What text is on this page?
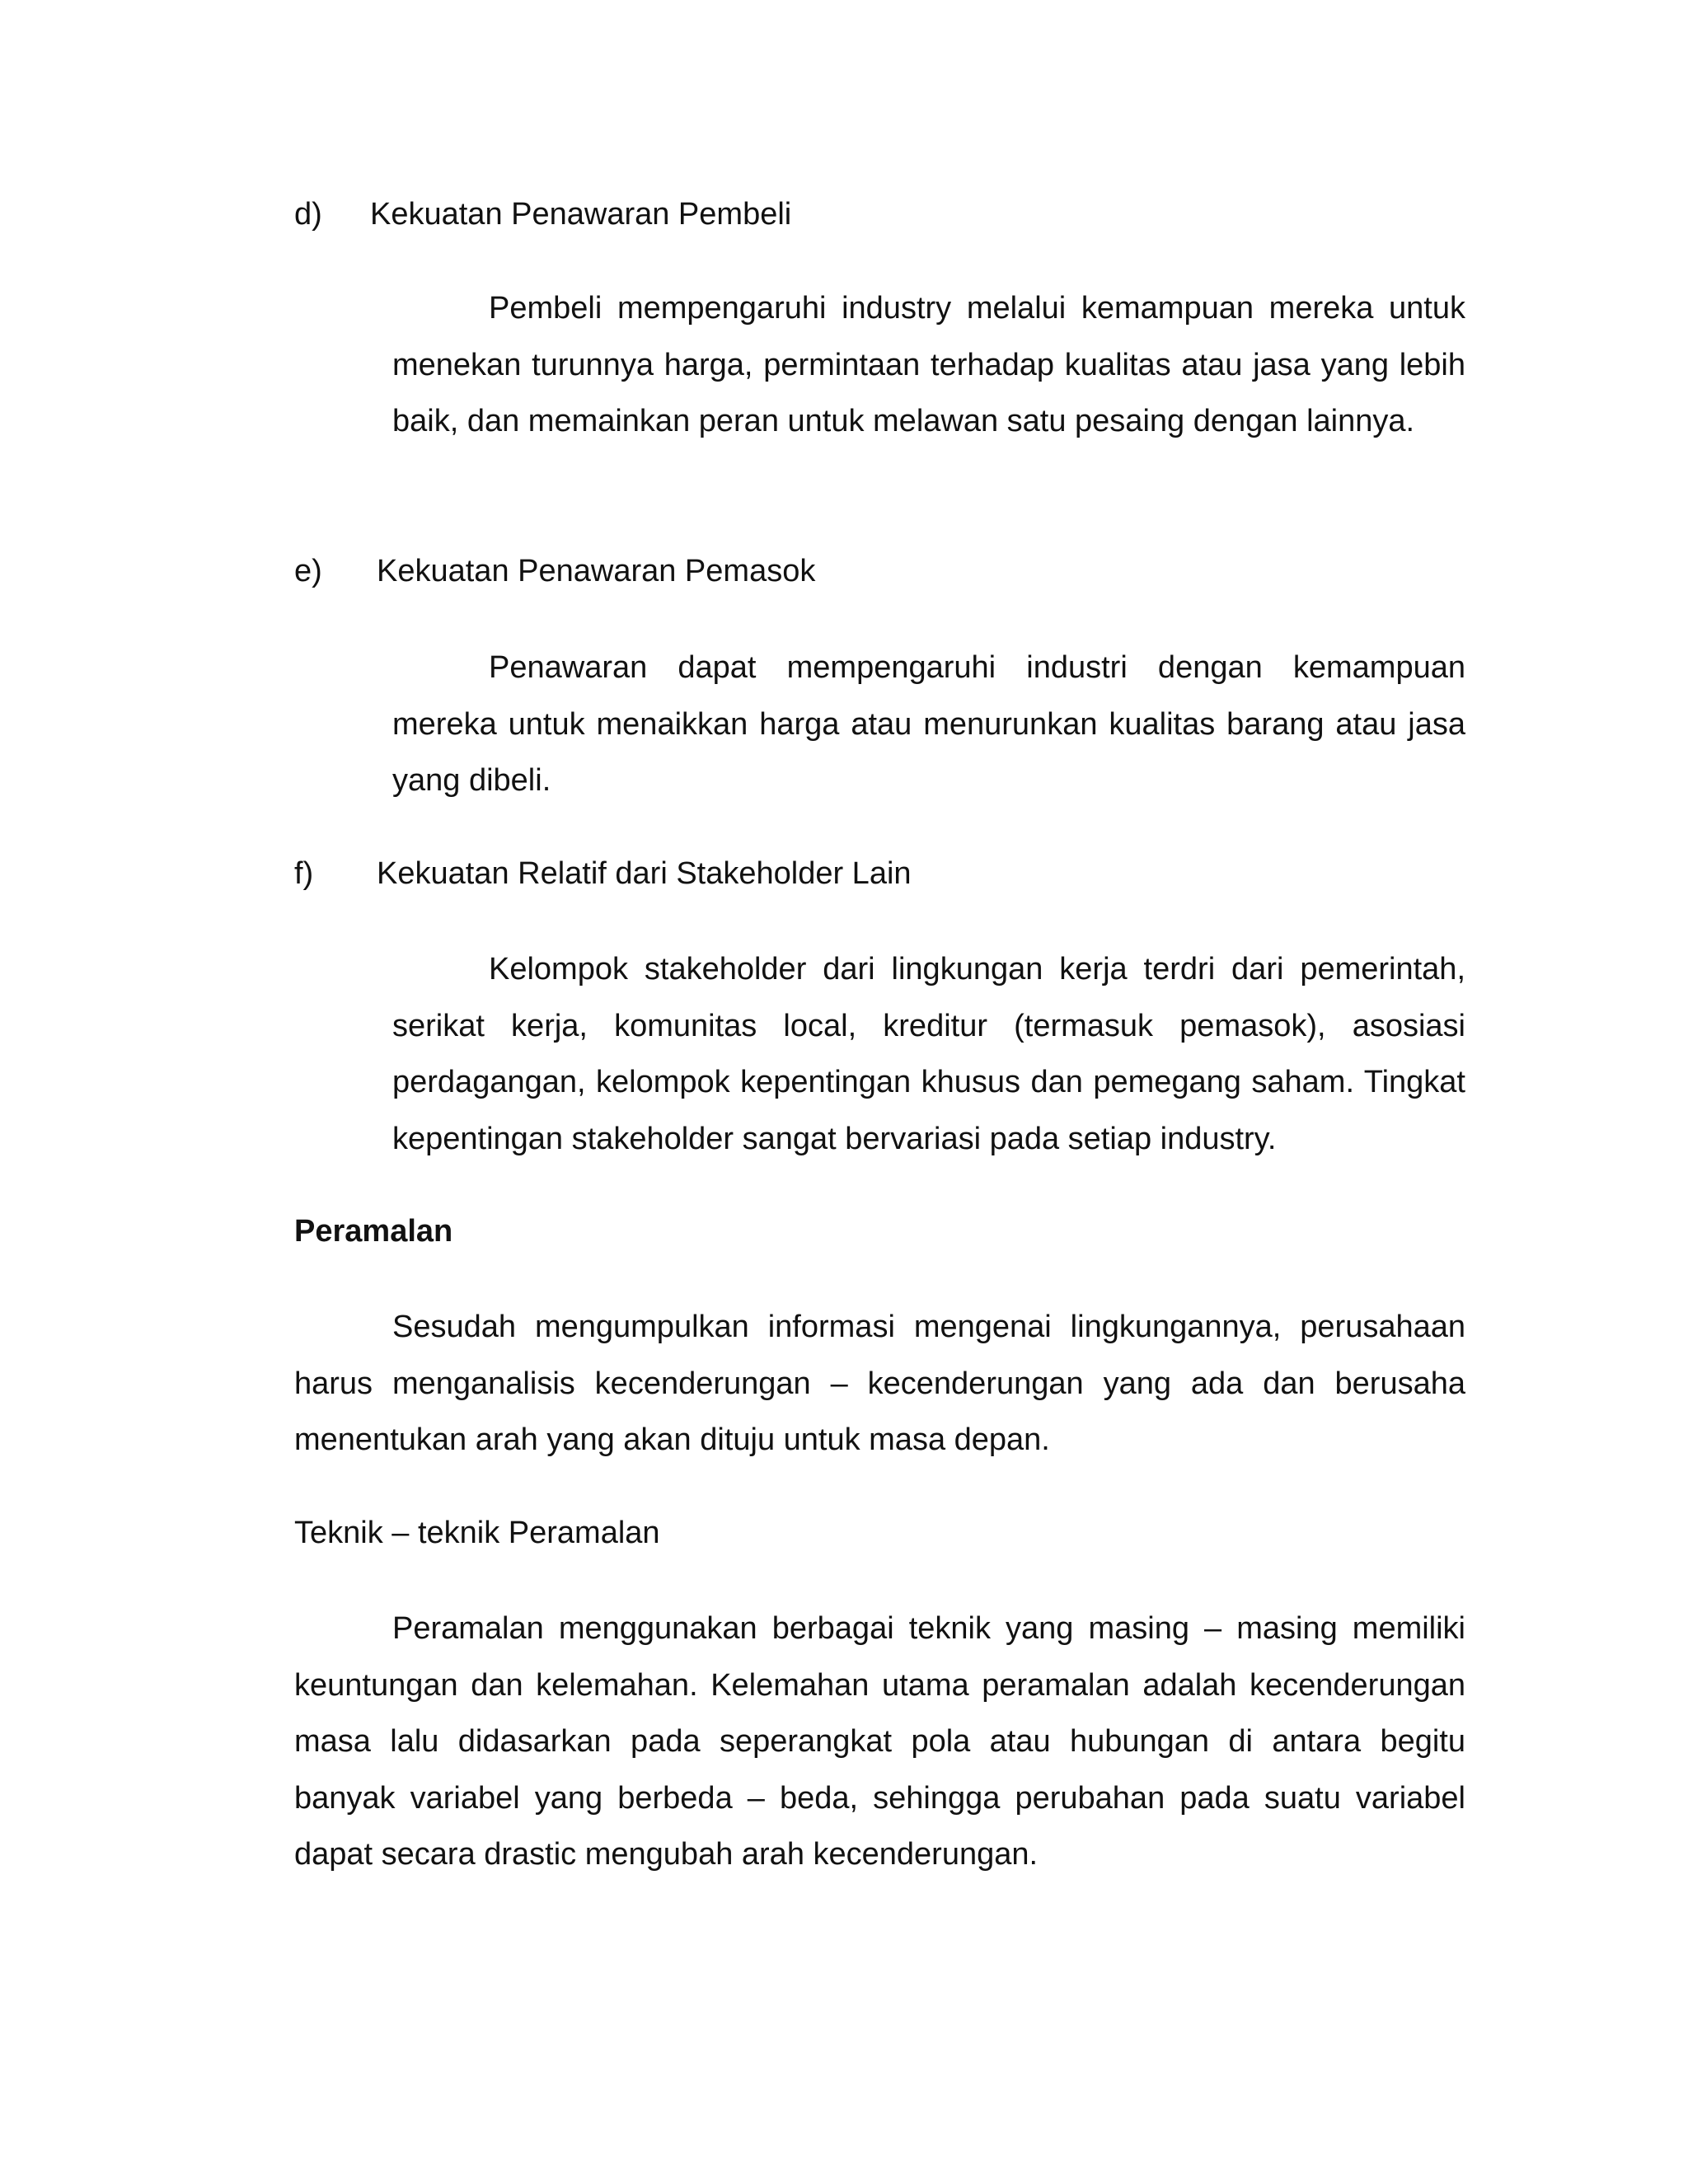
d) Kekuatan Penawaran Pembeli

Pembeli mempengaruhi industry melalui kemampuan mereka untuk menekan turunnya harga, permintaan terhadap kualitas atau jasa yang lebih baik, dan memainkan peran untuk melawan satu pesaing dengan lainnya.

e) Kekuatan Penawaran Pemasok

Penawaran dapat mempengaruhi industri dengan kemampuan mereka untuk menaikkan harga atau menurunkan kualitas barang atau jasa yang dibeli.

f) Kekuatan Relatif dari Stakeholder Lain

Kelompok stakeholder dari lingkungan kerja terdri dari pemerintah, serikat kerja, komunitas local, kreditur (termasuk pemasok), asosiasi perdagangan, kelompok kepentingan khusus dan pemegang saham. Tingkat kepentingan stakeholder sangat bervariasi pada setiap industry.

Peramalan

Sesudah mengumpulkan informasi mengenai lingkungannya, perusahaan harus menganalisis kecenderungan – kecenderungan yang ada dan berusaha menentukan arah yang akan dituju untuk masa depan.

Teknik – teknik Peramalan

Peramalan menggunakan berbagai teknik yang masing – masing memiliki keuntungan dan kelemahan. Kelemahan utama peramalan adalah kecenderungan masa lalu didasarkan pada seperangkat pola atau hubungan di antara begitu banyak variabel yang berbeda – beda, sehingga perubahan pada suatu variabel dapat secara drastic mengubah arah kecenderungan.
